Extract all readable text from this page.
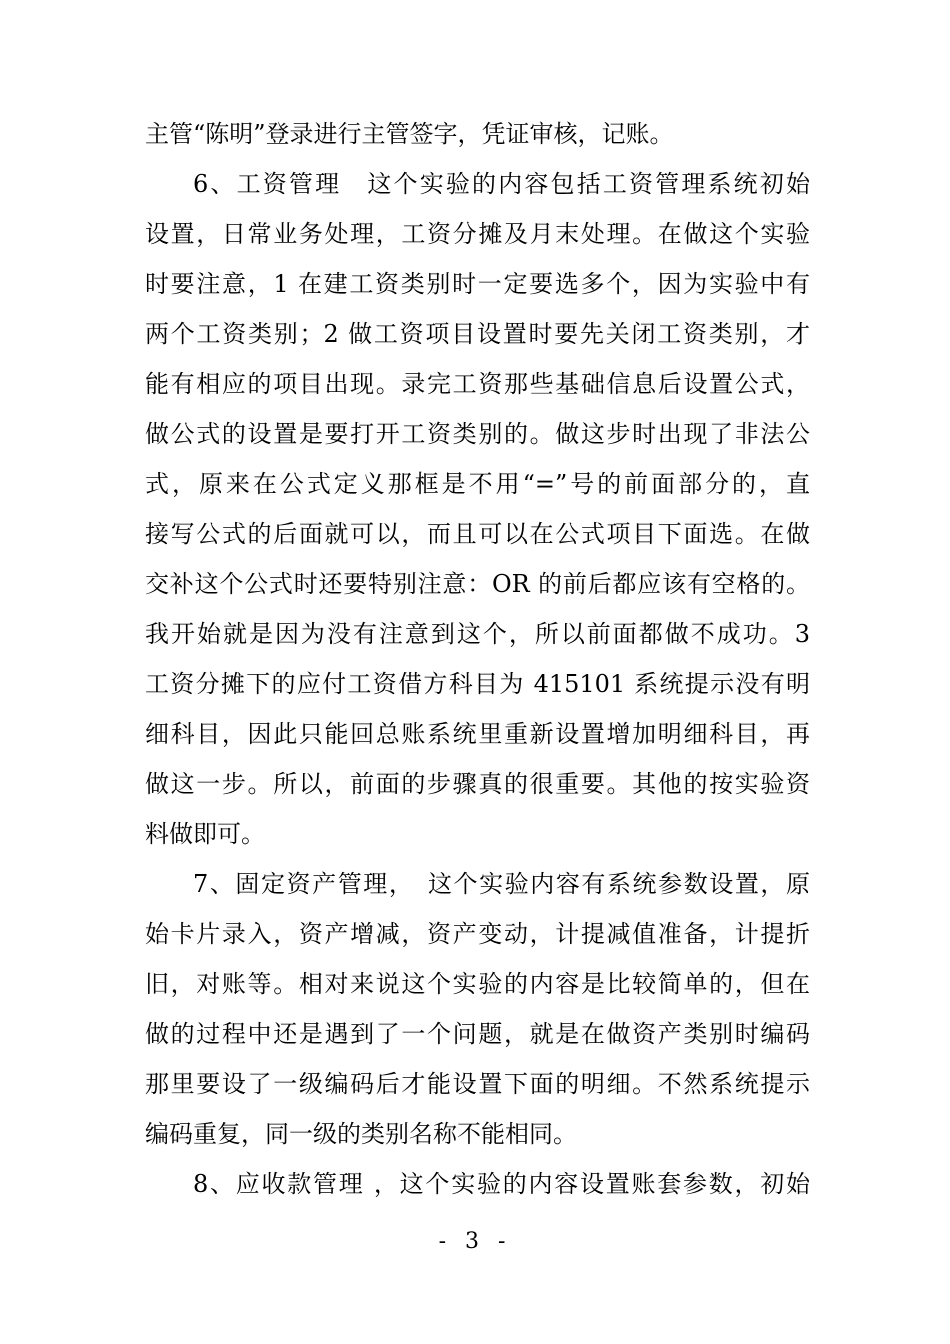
主管“陈明”登录进行主管签字，凭证审核，记账。
6、工资管理　这个实验的内容包括工资管理系统初始
设置，日常业务处理，工资分摊及月末处理。在做这个实验
时要注意，1 在建工资类别时一定要选多个，因为实验中有
两个工资类别；2 做工资项目设置时要先关闭工资类别，才
能有相应的项目出现。录完工资那些基础信息后设置公式，
做公式的设置是要打开工资类别的。做这步时出现了非法公
式，原来在公式定义那框是不用“=”号的前面部分的，直
接写公式的后面就可以，而且可以在公式项目下面选。在做
交补这个公式时还要特别注意：OR 的前后都应该有空格的。
我开始就是因为没有注意到这个，所以前面都做不成功。3
工资分摊下的应付工资借方科目为 415101 系统提示没有明
细科目，因此只能回总账系统里重新设置增加明细科目，再
做这一步。所以，前面的步骤真的很重要。其他的按实验资
料做即可。
7、固定资产管理，　这个实验内容有系统参数设置，原
始卡片录入，资产增减，资产变动，计提减值准备，计提折
旧，对账等。相对来说这个实验的内容是比较简单的，但在
做的过程中还是遇到了一个问题，就是在做资产类别时编码
那里要设了一级编码后才能设置下面的明细。不然系统提示
编码重复，同一级的类别名称不能相同。
8、应收款管理 ，这个实验的内容设置账套参数，初始
- 3 -
